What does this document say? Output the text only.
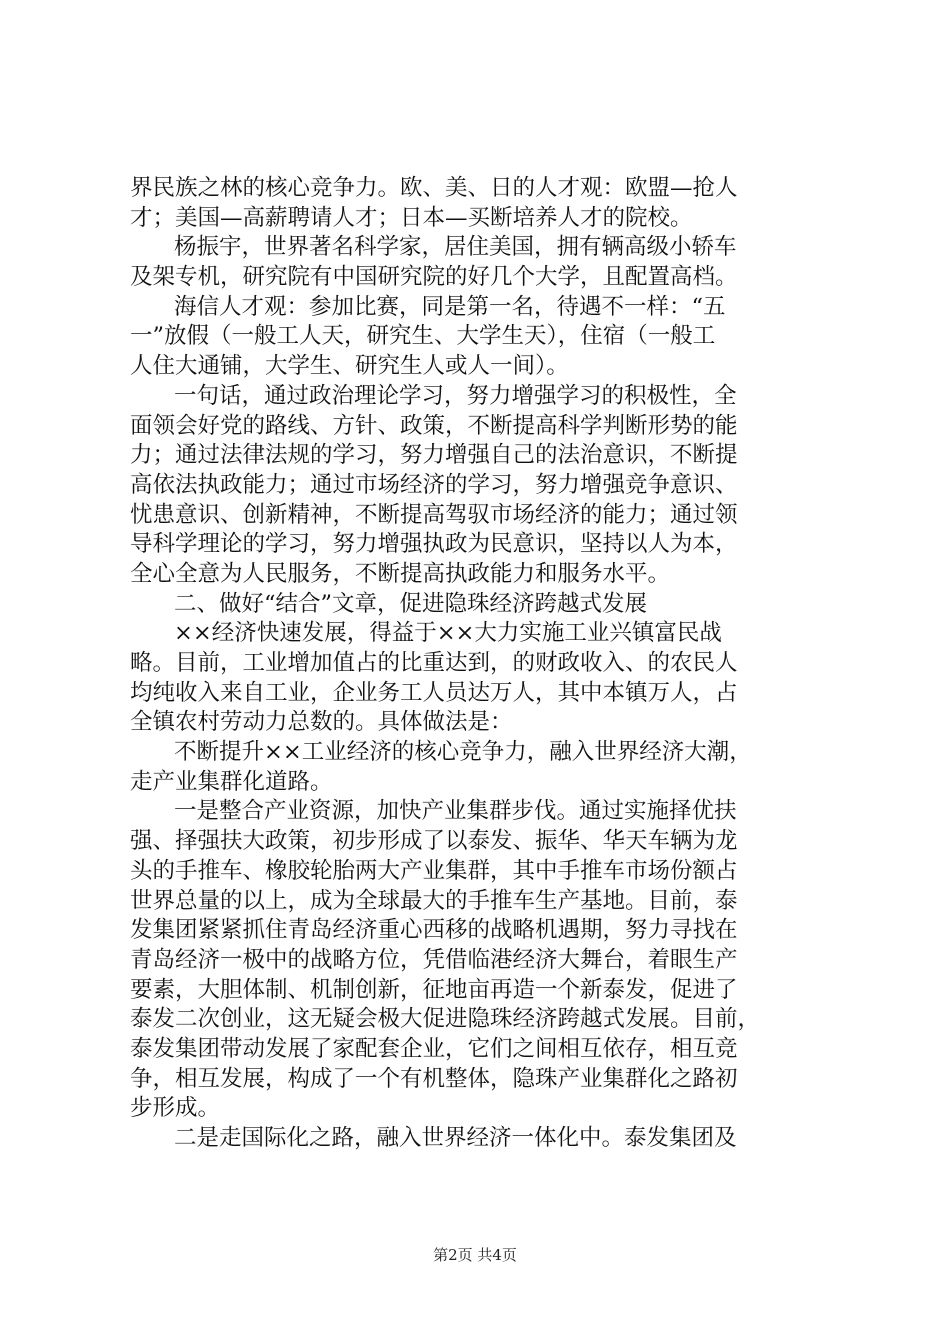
界民族之林的核心竞争力。欧、美、日的人才观：欧盟—抢人
才；美国—高薪聘请人才；日本—买断培养人才的院校。
杨振宇，世界著名科学家，居住美国，拥有辆高级小轿车
及架专机，研究院有中国研究院的好几个大学，且配置高档。
海信人才观：参加比赛，同是第一名，待遇不一样：“五
一”放假（一般工人天，研究生、大学生天），住宿（一般工
人住大通铺，大学生、研究生人或人一间）。
一句话，通过政治理论学习，努力增强学习的积极性，全
面领会好党的路线、方针、政策，不断提高科学判断形势的能
力；通过法律法规的学习，努力增强自己的法治意识，不断提
高依法执政能力；通过市场经济的学习，努力增强竞争意识、
忧患意识、创新精神，不断提高驾驭市场经济的能力；通过领
导科学理论的学习，努力增强执政为民意识，坚持以人为本，
全心全意为人民服务，不断提高执政能力和服务水平。
二、做好“结合”文章，促进隐珠经济跨越式发展
××经济快速发展，得益于××大力实施工业兴镇富民战
略。目前，工业增加值占的比重达到，的财政收入、的农民人
均纯收入来自工业，企业务工人员达万人，其中本镇万人，占
全镇农村劳动力总数的。具体做法是：
不断提升××工业经济的核心竞争力，融入世界经济大潮，
走产业集群化道路。
一是整合产业资源，加快产业集群步伐。通过实施择优扶
强、择强扶大政策，初步形成了以泰发、振华、华天车辆为龙
头的手推车、橡胶轮胎两大产业集群，其中手推车市场份额占
世界总量的以上，成为全球最大的手推车生产基地。目前，泰
发集团紧紧抓住青岛经济重心西移的战略机遇期，努力寻找在
青岛经济一极中的战略方位，凭借临港经济大舞台，着眼生产
要素，大胆体制、机制创新，征地亩再造一个新泰发，促进了
泰发二次创业，这无疑会极大促进隐珠经济跨越式发展。目前，
泰发集团带动发展了家配套企业，它们之间相互依存，相互竞
争，相互发展，构成了一个有机整体，隐珠产业集群化之路初
步形成。
二是走国际化之路，融入世界经济一体化中。泰发集团及
第2页 共4页
